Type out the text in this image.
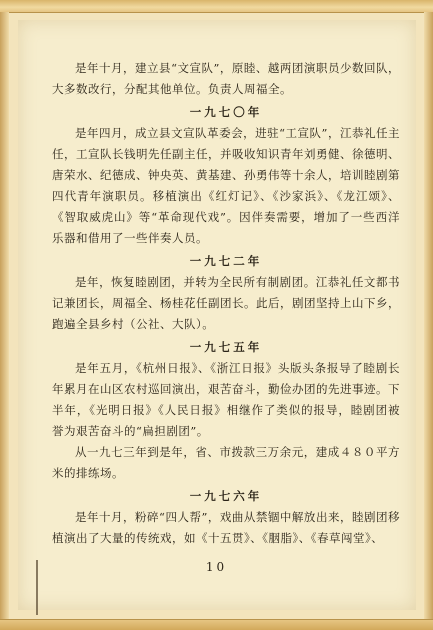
是年十月，建立县“文宣队”，原睦、越两团演职员少数回队，大多数改行，分配其他单位。负责人周福全。

一九七〇年

是年四月，成立县文宣队革委会，进驻“工宣队”，江恭礼任主任，工宣队长钱明先任副主任，并吸收知识青年刘勇健、徐德明、唐荣水、纪德成、钟央英、黄基建、孙勇伟等十余人，培训睦剧第四代青年演职员。移植演出《红灯记》、《沙家浜》、《龙江颂》、《智取威虎山》等“革命现代戏”。因伴奏需要，增加了一些西洋乐器和借用了一些伴奏人员。

一九七二年

是年，恢复睦剧团，并转为全民所有制剧团。江恭礼任文都书记兼团长，周福全、杨桂花任副团长。此后，剧团坚持上山下乡，跑遍全县乡村（公社、大队）。

一九七五年

是年五月，《杭州日报》、《浙江日报》头版头条报导了睦剧长年累月在山区农村巡回演出，艰苦奋斗，勤俭办团的先进事迹。下半年，《光明日报》《人民日报》相继作了类似的报导，睦剧团被誉为艰苦奋斗的“扁担剧团”。

从一九七三年到是年，省、市拨款三万余元，建成４８０平方米的排练场。

一九七六年

是年十月，粉碎“四人帮”，戏曲从禁锢中解放出来，睦剧团移植演出了大量的传统戏，如《十五贯》、《胭脂》、《春草闯堂》、

10
